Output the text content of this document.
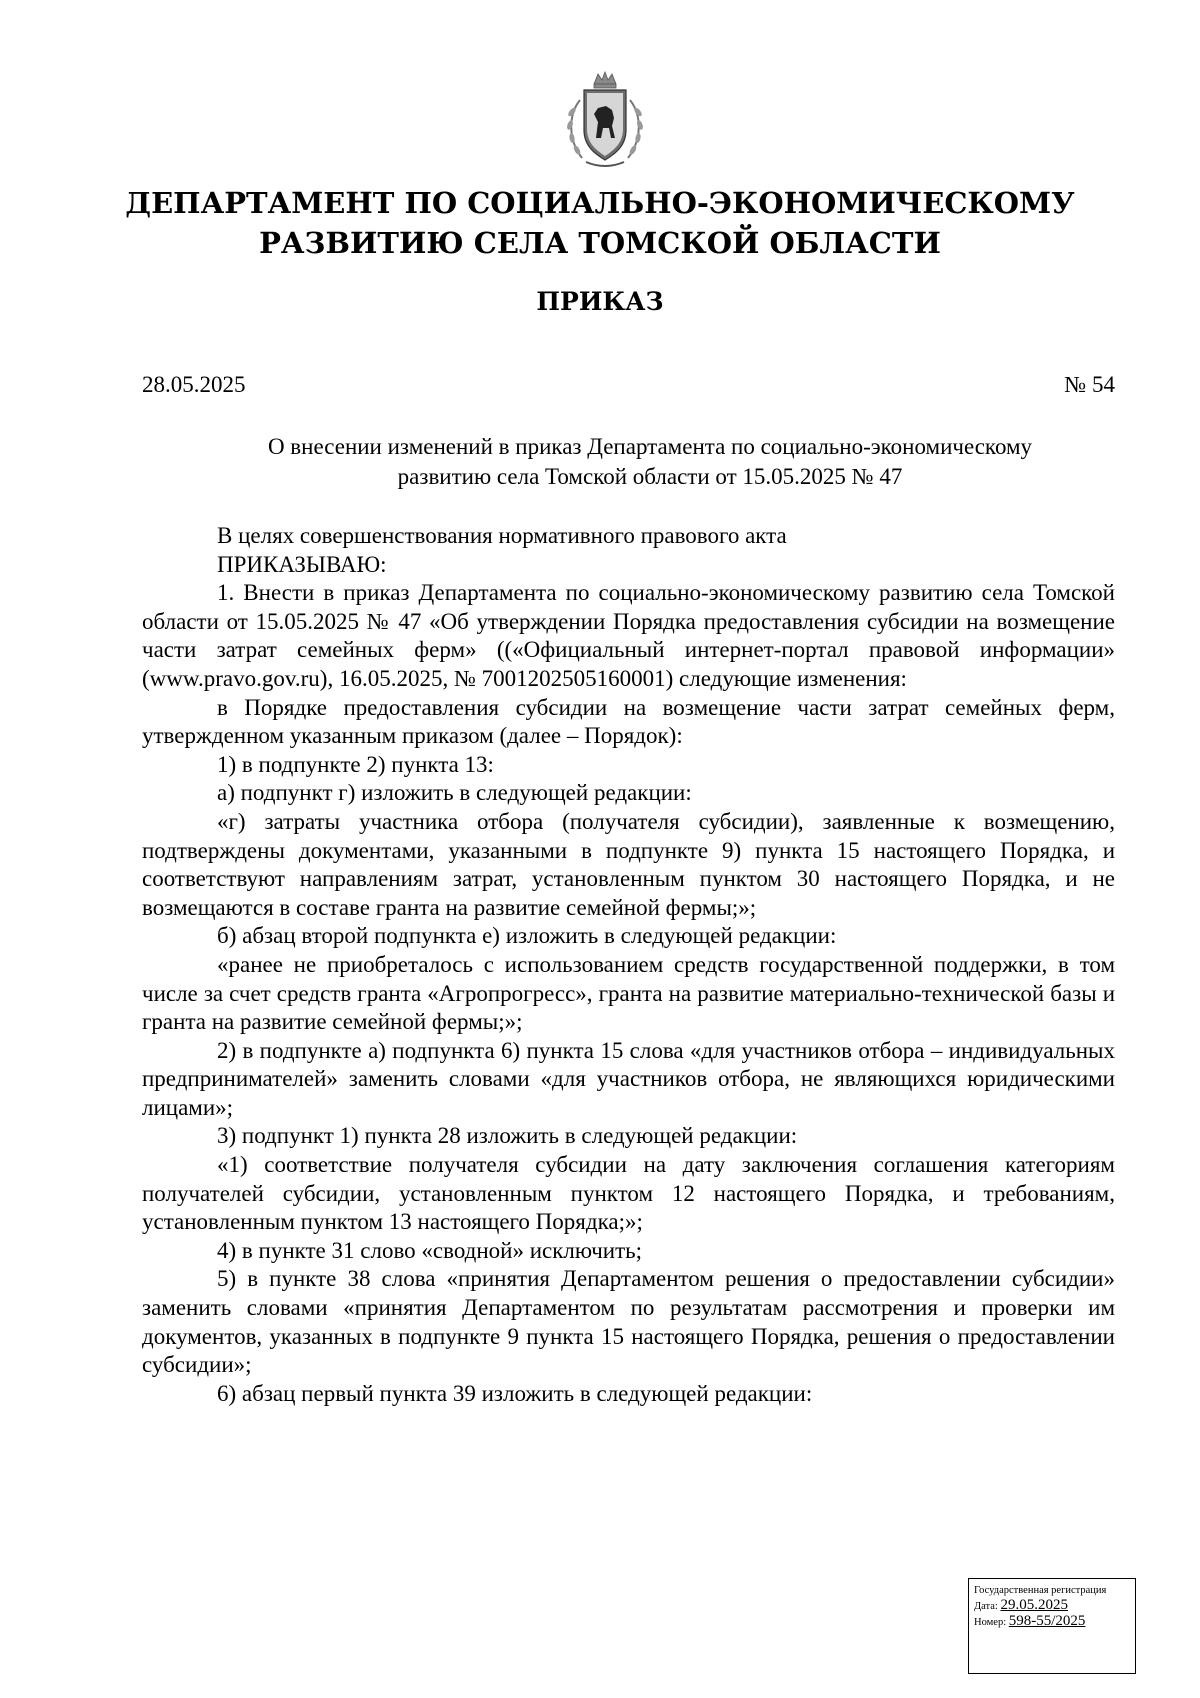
ДЕПАРТАМЕНТ ПО СОЦИАЛЬНО-ЭКОНОМИЧЕСКОМУ
РАЗВИТИЮ СЕЛА ТОМСКОЙ ОБЛАСТИ
ПРИКАЗ
28.05.2025	№ 54
О внесении изменений в приказ Департамента по социально-экономическому
развитию села Томской области от 15.05.2025 № 47

В целях совершенствования нормативного правового акта

ПРИКАЗЫВАЮ:

1. Внести в приказ Департамента по социально-экономическому развитию села Томской области от 15.05.2025 № 47 «Об утверждении Порядка предоставления субсидии на возмещение части затрат семейных ферм» ((«Официальный интернет-портал правовой информации» (www.pravo.gov.ru), 16.05.2025, № 7001202505160001) следующие изменения:

в Порядке предоставления субсидии на возмещение части затрат семейных ферм, утвержденном указанным приказом (далее – Порядок):

1) в подпункте 2) пункта 13:

а) подпункт г) изложить в следующей редакции:

«г) затраты участника отбора (получателя субсидии), заявленные к возмещению, подтверждены документами, указанными в подпункте 9) пункта 15 настоящего Порядка, и соответствуют направлениям затрат, установленным пунктом 30 настоящего Порядка, и не возмещаются в составе гранта на развитие семейной фермы;»;

б) абзац второй подпункта е) изложить в следующей редакции:

«ранее не приобреталось с использованием средств государственной поддержки, в том числе за счет средств гранта «Агропрогресс», гранта на развитие материально-технической базы и гранта на развитие семейной фермы;»;

2) в подпункте а) подпункта 6) пункта 15 слова «для участников отбора – индивидуальных предпринимателей» заменить словами «для участников отбора, не являющихся юридическими лицами»;

3) подпункт 1) пункта 28 изложить в следующей редакции:

«1) соответствие получателя субсидии на дату заключения соглашения категориям получателей субсидии, установленным пунктом 12 настоящего Порядка, и требованиям, установленным пунктом 13 настоящего Порядка;»;

4) в пункте 31 слово «сводной» исключить;

5) в пункте 38 слова «принятия Департаментом решения о предоставлении субсидии» заменить словами «принятия Департаментом по результатам рассмотрения и проверки им документов, указанных в подпункте 9 пункта 15 настоящего Порядка, решения о предоставлении субсидии»;

6) абзац первый пункта 39 изложить в следующей редакции:

Государственная регистрация
Дата: 29.05.2025
Номер: 598-55/2025
